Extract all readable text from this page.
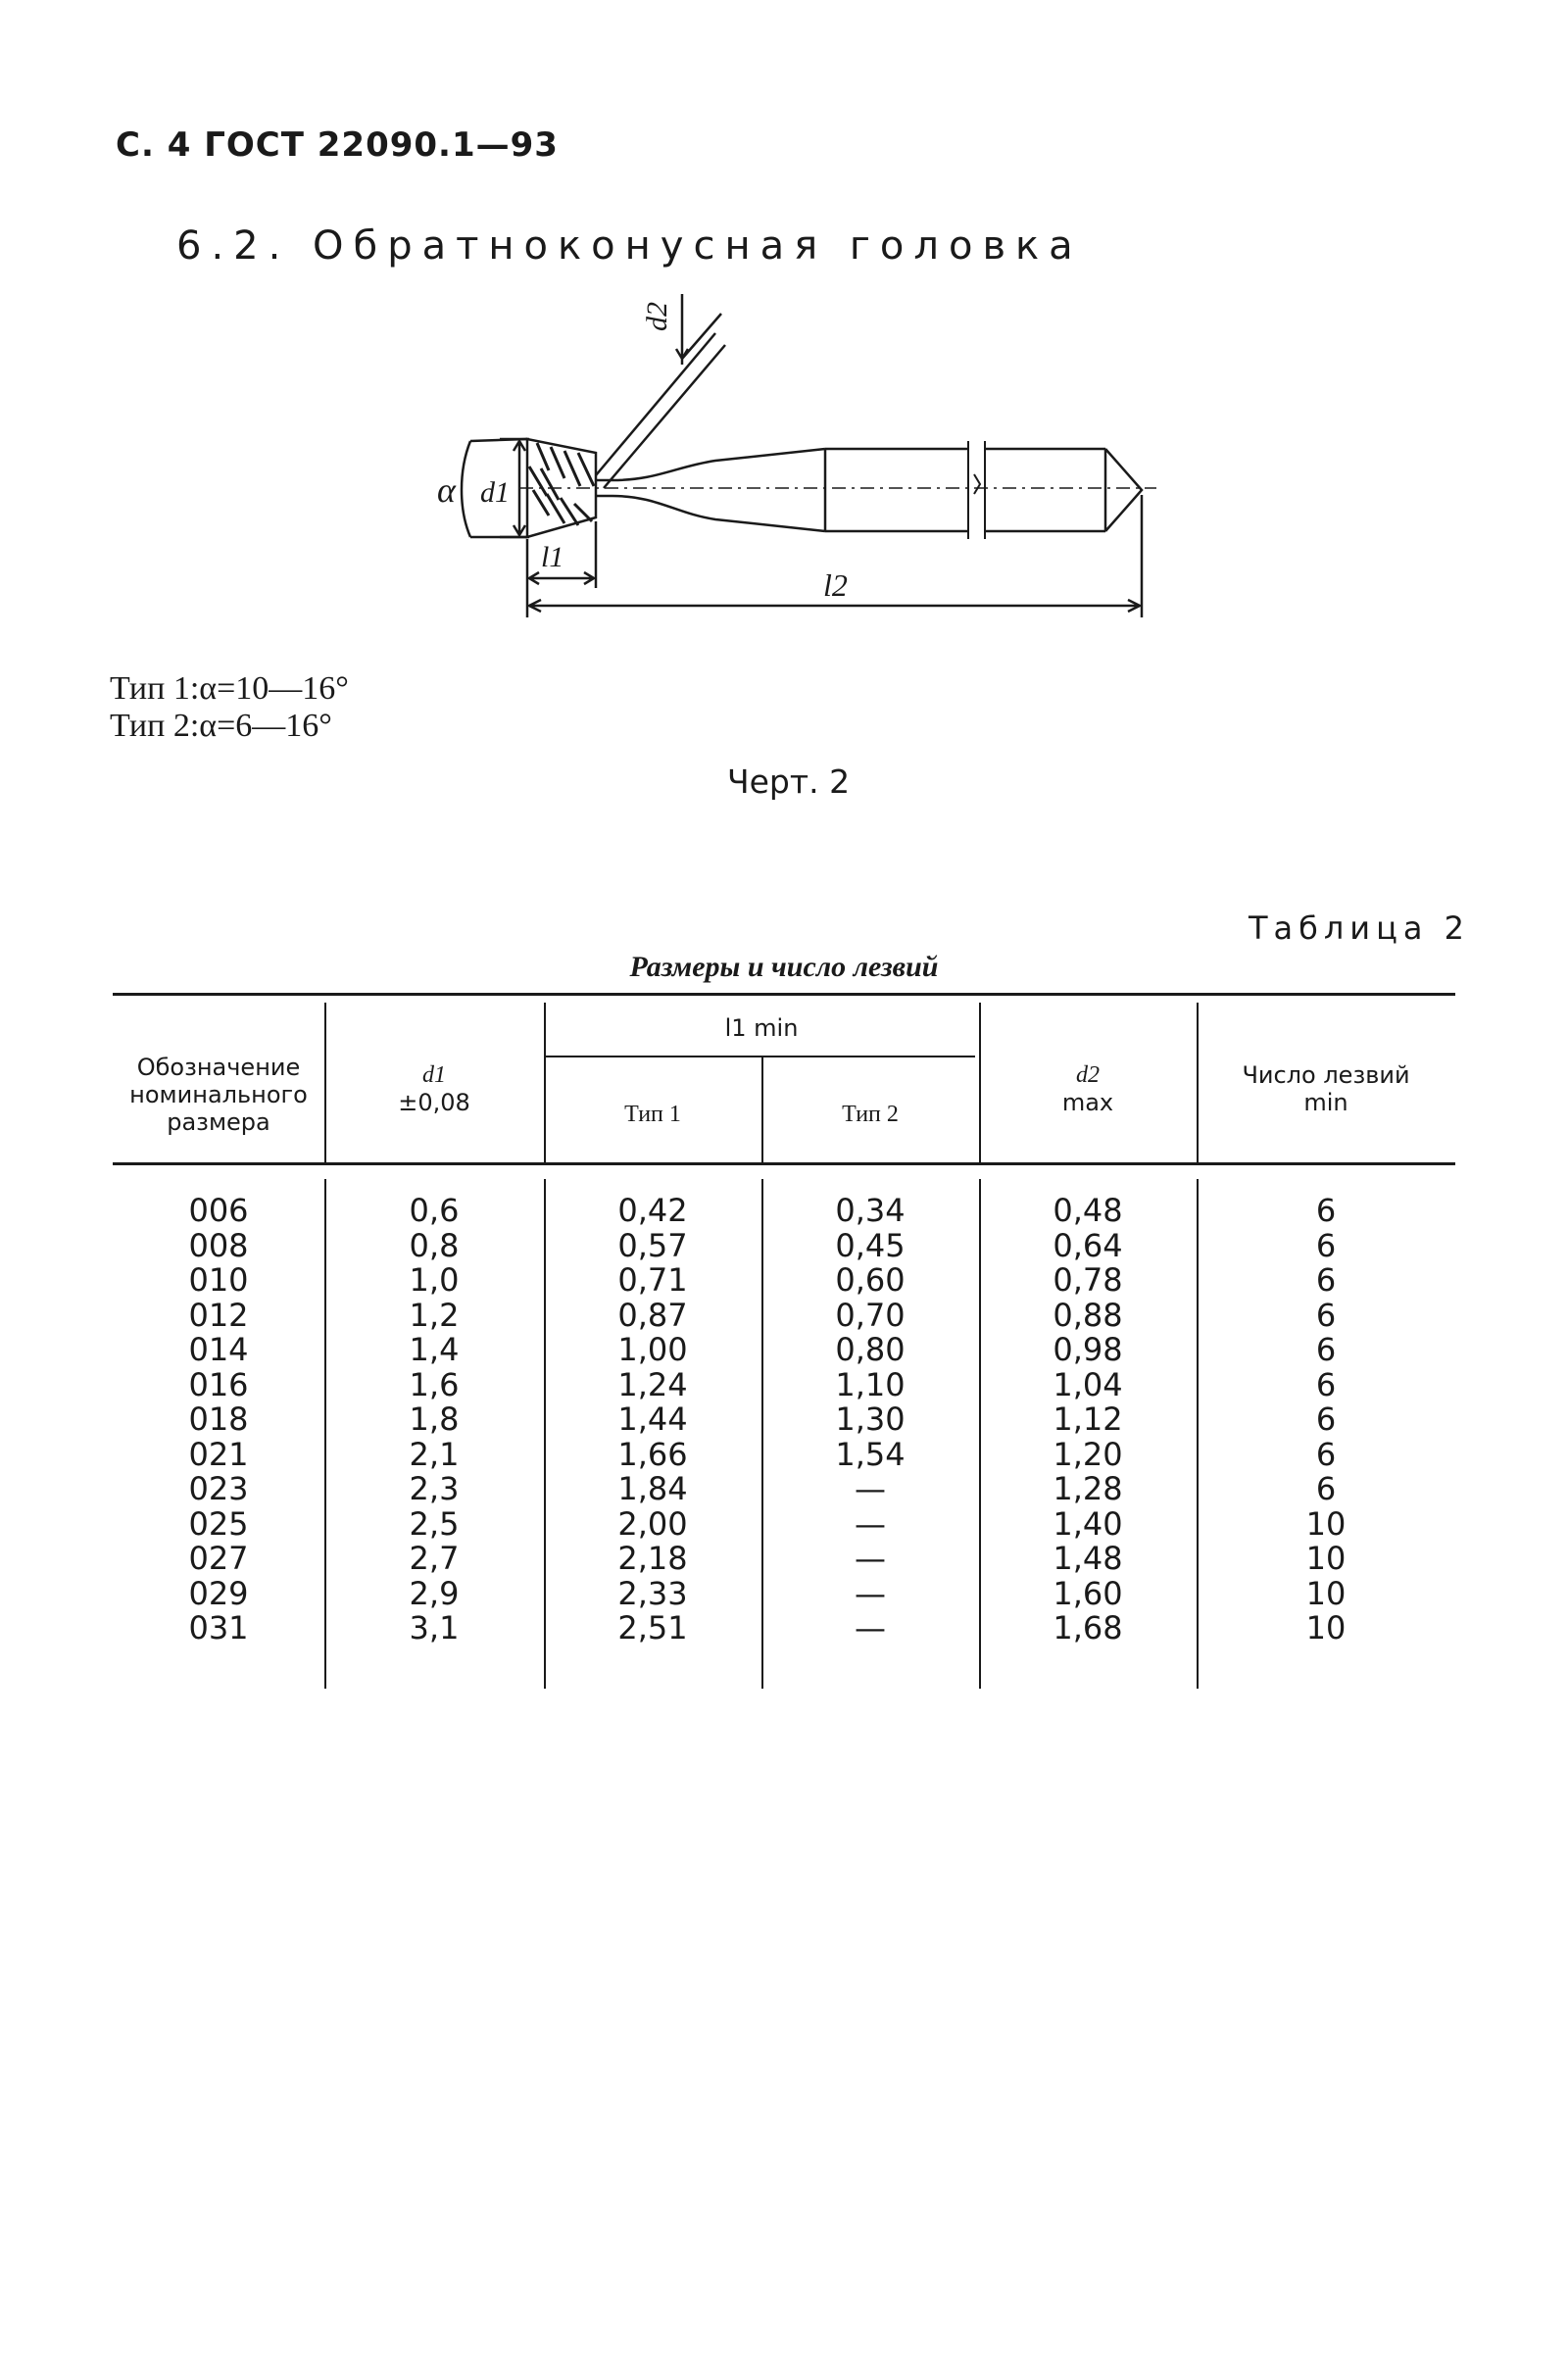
С. 4 ГОСТ 22090.1—93
6.2. Обратноконусная головка
α d1
l1
l2
d2
Тип 1:α=10—16°
Тип 2:α=6—16°
Черт. 2
Таблица 2
Размеры и число лезвий
Обозначение
номинального
размера
d1
±0,08
l1 min
Тип 1	Тип 2
d2
max
Число лезвий
min
006
008
010
012
014
016
018
021
023
025
027
029
031
0,6
0,8
1,0
1,2
1,4
1,6
1,8
2,1
2,3
2,5
2,7
2,9
3,1
0,42
0,57
0,71
0,87
1,00
1,24
1,44
1,66
1,84
2,00
2,18
2,33
2,51
0,34
0,45
0,60
0,70
0,80
1,10
1,30
1,54
—
—
—
—
—
0,48
0,64
0,78
0,88
0,98
1,04
1,12
1,20
1,28
1,40
1,48
1,60
1,68
6
6
6
6
6
6
6
6
6
10
10
10
10
